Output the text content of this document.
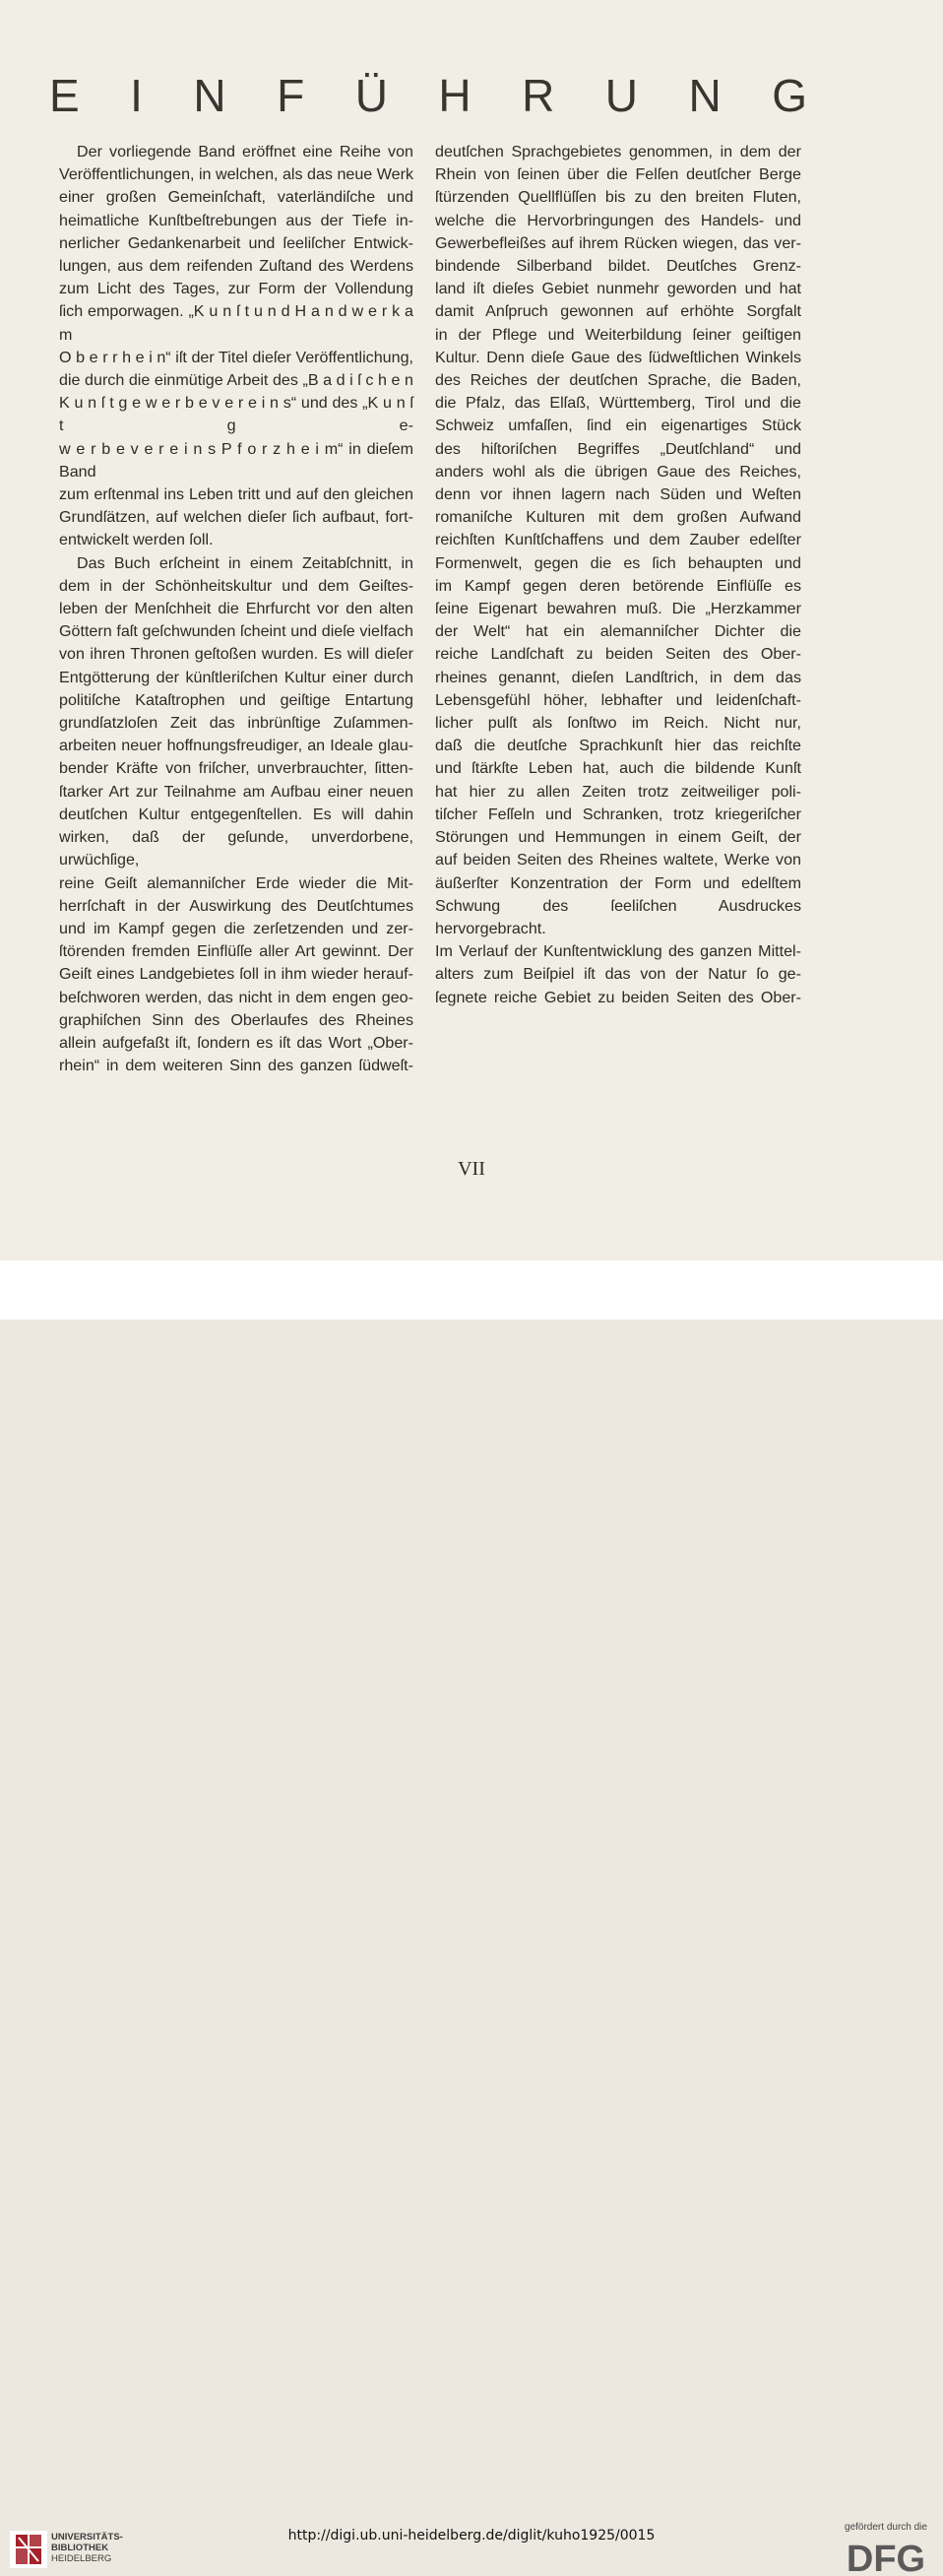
E I N F Ü H R U N G
Der vorliegende Band eröffnet eine Reihe von
Veröffentlichungen, in welchen, als das neue Werk
einer großen Gemeinſchaft, vaterländiſche und
heimatliche Kunſtbeſtrebungen aus der Tiefe in-
nerlicher Gedankenarbeit und ſeeliſcher Entwick-
lungen, aus dem reifenden Zuſtand des Werdens
zum Licht des Tages, zur Form der Vollendung
ſich emporwagen. „K u n ſ t u n d H a n d w e r k a m
O b e r r h e i n“ iſt der Titel dieſer Veröffentlichung,
die durch die einmütige Arbeit des „B a d i ſ c h e n
K u n ſ t g e w e r b e v e r e i n s“ und des „K u n ſ t g e-
w e r b e v e r e i n s P f o r z h e i m“ in dieſem Band
zum erſtenmal ins Leben tritt und auf den gleichen
Grundſätzen, auf welchen dieſer ſich aufbaut, fort-
entwickelt werden ſoll.
Das Buch erſcheint in einem Zeitabſchnitt, in
dem in der Schönheitskultur und dem Geiſtes-
leben der Menſchheit die Ehrfurcht vor den alten
Göttern faſt geſchwunden ſcheint und dieſe vielfach
von ihren Thronen geſtoßen wurden. Es will dieſer
Entgötterung der künſtleriſchen Kultur einer durch
politiſche Kataſtrophen und geiſtige Entartung
grundſatzloſen Zeit das inbrünſtige Zuſammen-
arbeiten neuer hoffnungsfreudiger, an Ideale glau-
bender Kräfte von friſcher, unverbrauchter, ſitten-
ſtarker Art zur Teilnahme am Aufbau einer neuen
deutſchen Kultur entgegenſtellen. Es will dahin
wirken, daß der geſunde, unverdorbene, urwüchſige,
reine Geiſt alemanniſcher Erde wieder die Mit-
herrſchaft in der Auswirkung des Deutſchtumes
und im Kampf gegen die zerſetzenden und zer-
ſtörenden fremden Einflüſſe aller Art gewinnt. Der
Geiſt eines Landgebietes ſoll in ihm wieder herauf-
beſchworen werden, das nicht in dem engen geo-
graphiſchen Sinn des Oberlaufes des Rheines
allein aufgefaßt iſt, ſondern es iſt das Wort „Ober-
rhein“ in dem weiteren Sinn des ganzen ſüdweſt-
deutſchen Sprachgebietes genommen, in dem der
Rhein von ſeinen über die Felſen deutſcher Berge
ſtürzenden Quellflüſſen bis zu den breiten Fluten,
welche die Hervorbringungen des Handels- und
Gewerbefleißes auf ihrem Rücken wiegen, das ver-
bindende Silberband bildet. Deutſches Grenz-
land iſt dieſes Gebiet nunmehr geworden und hat
damit Anſpruch gewonnen auf erhöhte Sorgfalt
in der Pflege und Weiterbildung ſeiner geiſtigen
Kultur. Denn dieſe Gaue des ſüdweſtlichen Winkels
des Reiches der deutſchen Sprache, die Baden,
die Pfalz, das Elſaß, Württemberg, Tirol und die
Schweiz umfaſſen, ſind ein eigenartiges Stück
des hiſtoriſchen Begriffes „Deutſchland“ und
anders wohl als die übrigen Gaue des Reiches,
denn vor ihnen lagern nach Süden und Weſten
romaniſche Kulturen mit dem großen Aufwand
reichſten Kunſtſchaffens und dem Zauber edelſter
Formenwelt, gegen die es ſich behaupten und
im Kampf gegen deren betörende Einflüſſe es
ſeine Eigenart bewahren muß. Die „Herzkammer
der Welt“ hat ein alemanniſcher Dichter die
reiche Landſchaft zu beiden Seiten des Ober-
rheines genannt, dieſen Landſtrich, in dem das
Lebensgefühl höher, lebhafter und leidenſchaft-
licher pulſt als ſonſtwo im Reich. Nicht nur,
daß die deutſche Sprachkunſt hier das reichſte
und ſtärkſte Leben hat, auch die bildende Kunſt
hat hier zu allen Zeiten trotz zeitweiliger poli-
tiſcher Feſſeln und Schranken, trotz kriegeriſcher
Störungen und Hemmungen in einem Geiſt, der
auf beiden Seiten des Rheines waltete, Werke von
äußerſter Konzentration der Form und edelſtem
Schwung des ſeeliſchen Ausdruckes hervorgebracht.
Im Verlauf der Kunſtentwicklung des ganzen Mittel-
alters zum Beiſpiel iſt das von der Natur ſo ge-
ſegnete reiche Gebiet zu beiden Seiten des Ober-
VII
UNIVERSITÄTS-
BIBLIOTHEK
HEIDELBERG
http://digi.ub.uni-heidelberg.de/diglit/kuho1925/0015
gefördert durch die
DFG
